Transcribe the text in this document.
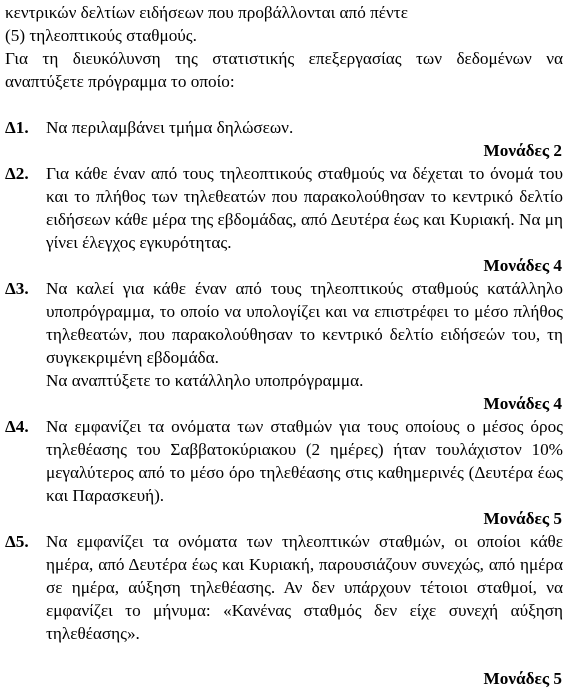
κεντρικών δελτίων ειδήσεων που προβάλλονται από πέντε

(5) τηλεοπτικούς σταθμούς.

Για τη διευκόλυνση της στατιστικής επεξεργασίας των δεδομένων να αναπτύξετε πρόγραμμα το οποίο:

Δ1.	Να περιλαμβάνει τμήμα δηλώσεων.

Μονάδες 2
Δ2.	Για κάθε έναν από τους τηλεοπτικούς σταθμούς να δέχεται το όνομά του και το πλήθος των τηλεθεατών που παρακολούθησαν το κεντρικό δελτίο ειδήσεων κάθε μέρα της εβδομάδας, από Δευτέρα έως και Κυριακή. Να μη γίνει έλεγχος εγκυρότητας.

Μονάδες 4
Δ3.	Να καλεί για κάθε έναν από τους τηλεοπτικούς σταθμούς κατάλληλο υποπρόγραμμα, το οποίο να υπολογίζει και να επιστρέφει το μέσο πλήθος τηλεθεατών, που παρακολούθησαν το κεντρικό δελτίο ειδήσεών του, τη συγκεκριμένη εβδομάδα.

Να αναπτύξετε το κατάλληλο υποπρόγραμμα.

Μονάδες 4
Δ4.	Να εμφανίζει τα ονόματα των σταθμών για τους οποίους ο μέσος όρος τηλεθέασης του Σαββατοκύριακου (2 ημέρες) ήταν τουλάχιστον 10% μεγαλύτερος από το μέσο όρο τηλεθέασης στις καθημερινές (Δευτέρα έως και Παρασκευή).

Μονάδες 5
Δ5.	Να εμφανίζει τα ονόματα των τηλεοπτικών σταθμών, οι οποίοι κάθε ημέρα, από Δευτέρα έως και Κυριακή, παρουσιάζουν συνεχώς, από ημέρα σε ημέρα, αύξηση τηλεθέασης. Αν δεν υπάρχουν τέτοιοι σταθμοί, να εμφανίζει το μήνυμα: «Κανένας σταθμός δεν είχε συνεχή αύξηση τηλεθέασης».

Μονάδες 5
